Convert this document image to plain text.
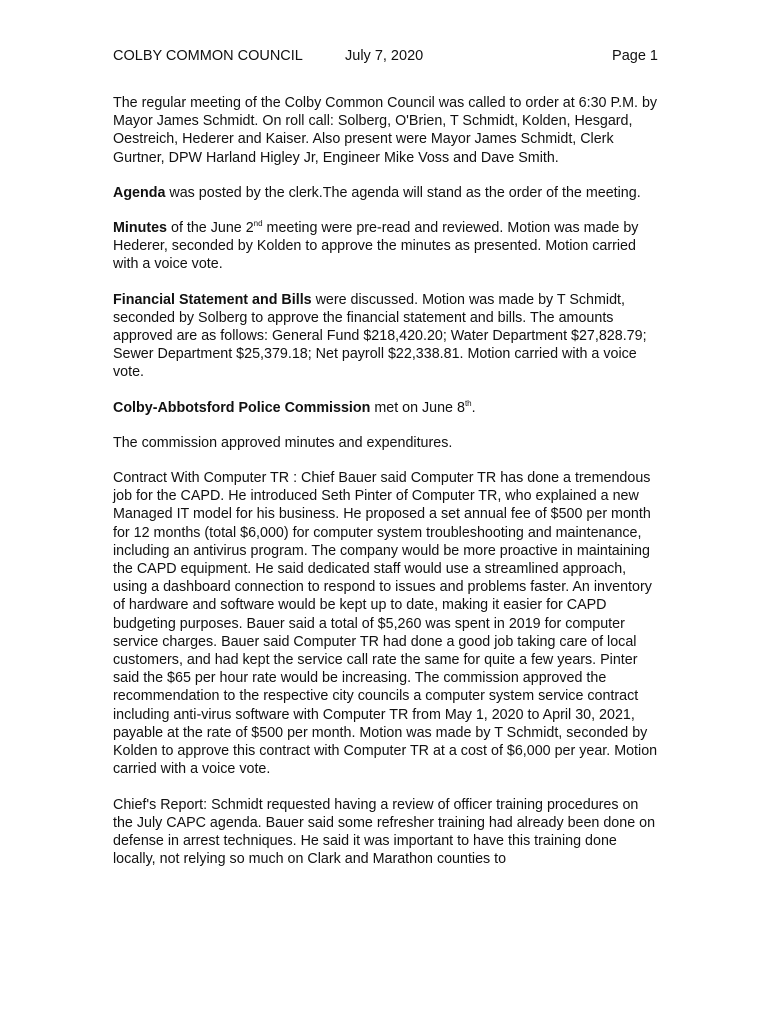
COLBY COMMON COUNCIL	July 7, 2020	Page 1

The regular meeting of the Colby Common Council was called to order at 6:30 P.M. by Mayor James Schmidt. On roll call: Solberg, O'Brien, T Schmidt, Kolden, Hesgard, Oestreich, Hederer and Kaiser. Also present were Mayor James Schmidt, Clerk Gurtner, DPW Harland Higley Jr, Engineer Mike Voss and Dave Smith.

Agenda was posted by the clerk.The agenda will stand as the order of the meeting.

Minutes of the June 2nd meeting were pre-read and reviewed. Motion was made by Hederer, seconded by Kolden to approve the minutes as presented. Motion carried with a voice vote.

Financial Statement and Bills were discussed. Motion was made by T Schmidt, seconded by Solberg to approve the financial statement and bills. The amounts approved are as follows: General Fund $218,420.20; Water Department $27,828.79; Sewer Department $25,379.18; Net payroll $22,338.81. Motion carried with a voice vote.

Colby-Abbotsford Police Commission met on June 8th.

The commission approved minutes and expenditures.

Contract With Computer TR : Chief Bauer said Computer TR has done a tremendous job for the CAPD. He introduced Seth Pinter of Computer TR, who explained a new Managed IT model for his business. He proposed a set annual fee of $500 per month for 12 months (total $6,000) for computer system troubleshooting and maintenance, including an antivirus program. The company would be more proactive in maintaining the CAPD equipment. He said dedicated staff would use a streamlined approach, using a dashboard connection to respond to issues and problems faster. An inventory of hardware and software would be kept up to date, making it easier for CAPD budgeting purposes. Bauer said a total of $5,260 was spent in 2019 for computer service charges. Bauer said Computer TR had done a good job taking care of local customers, and had kept the service call rate the same for quite a few years. Pinter said the $65 per hour rate would be increasing. The commission approved the recommendation to the respective city councils a computer system service contract including anti-virus software with Computer TR from May 1, 2020 to April 30, 2021, payable at the rate of $500 per month. Motion was made by T Schmidt, seconded by Kolden to approve this contract with Computer TR at a cost of $6,000 per year. Motion carried with a voice vote.

Chief's Report: Schmidt requested having a review of officer training procedures on the July CAPC agenda. Bauer said some refresher training had already been done on defense in arrest techniques. He said it was important to have this training done locally, not relying so much on Clark and Marathon counties to
